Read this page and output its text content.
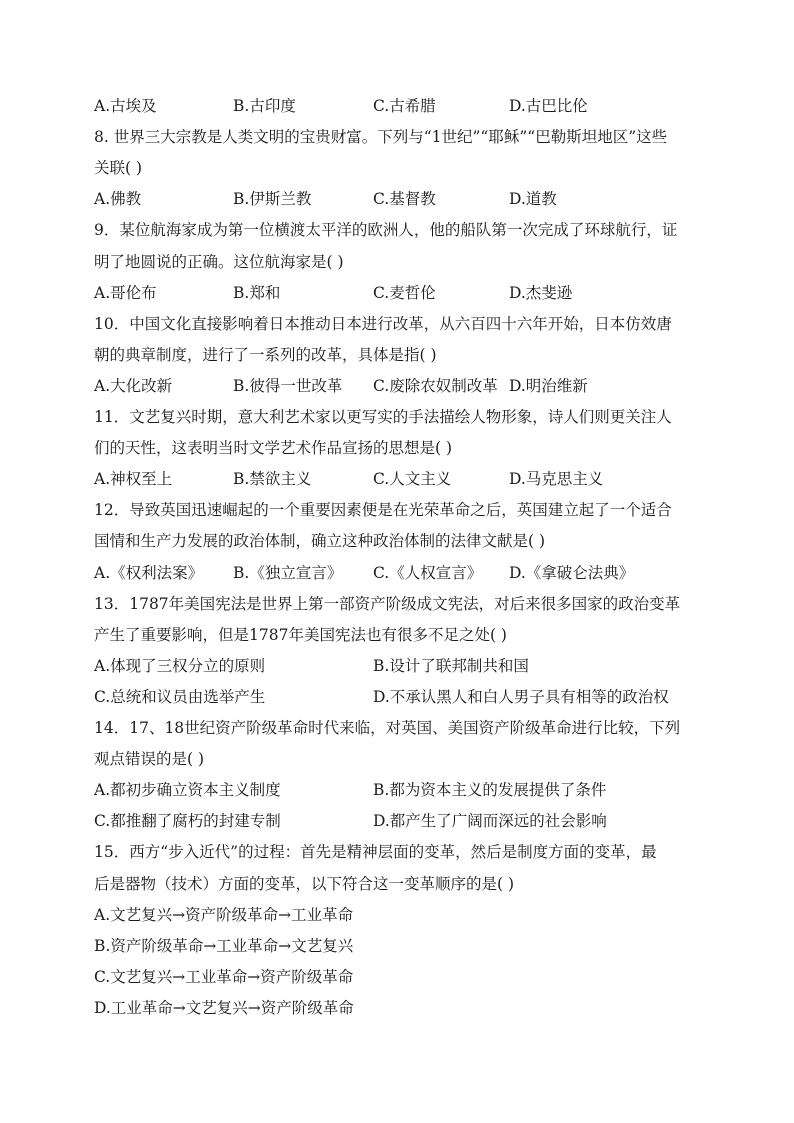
A.古埃及	B.古印度	C.古希腊	D.古巴比伦
8. 世界三大宗教是人类文明的宝贵财富。下列与“1世纪”“耶稣”“巴勒斯坦地区”这些
关联( )
A.佛教	B.伊斯兰教	C.基督教	D.道教
9．某位航海家成为第一位横渡太平洋的欧洲人，他的船队第一次完成了环球航行，证
明了地圆说的正确。这位航海家是( )
A.哥伦布	B.郑和	C.麦哲伦	D.杰斐逊
10．中国文化直接影响着日本推动日本进行改革，从六百四十六年开始，日本仿效唐
朝的典章制度，进行了一系列的改革，具体是指( )
A.大化改新	B.彼得一世改革 C.废除农奴制改革 D.明治维新
11．文艺复兴时期，意大利艺术家以更写实的手法描绘人物形象，诗人们则更关注人
们的天性，这表明当时文学艺术作品宣扬的思想是( )
A.神权至上	B.禁欲主义	C.人文主义	D.马克思主义
12．导致英国迅速崛起的一个重要因素便是在光荣革命之后，英国建立起了一个适合
国情和生产力发展的政治体制，确立这种政治体制的法律文献是( )
A.《权利法案》 B.《独立宣言》 C.《人权宣言》 D.《拿破仑法典》
13．1787年美国宪法是世界上第一部资产阶级成文宪法，对后来很多国家的政治变革
产生了重要影响，但是1787年美国宪法也有很多不足之处( )
A.体现了三权分立的原则	B.设计了联邦制共和国
C.总统和议员由选举产生	D.不承认黑人和白人男子具有相等的政治权
14．17、18世纪资产阶级革命时代来临，对英国、美国资产阶级革命进行比较，下列
观点错误的是( )
A.都初步确立资本主义制度	B.都为资本主义的发展提供了条件
C.都推翻了腐朽的封建专制	D.都产生了广阔而深远的社会影响
15．西方“步入近代”的过程：首先是精神层面的变革，然后是制度方面的变革，最
后是器物（技术）方面的变革，以下符合这一变革顺序的是( )
A.文艺复兴→资产阶级革命→工业革命
B.资产阶级革命→工业革命→文艺复兴
C.文艺复兴→工业革命→资产阶级革命
D.工业革命→文艺复兴→资产阶级革命
